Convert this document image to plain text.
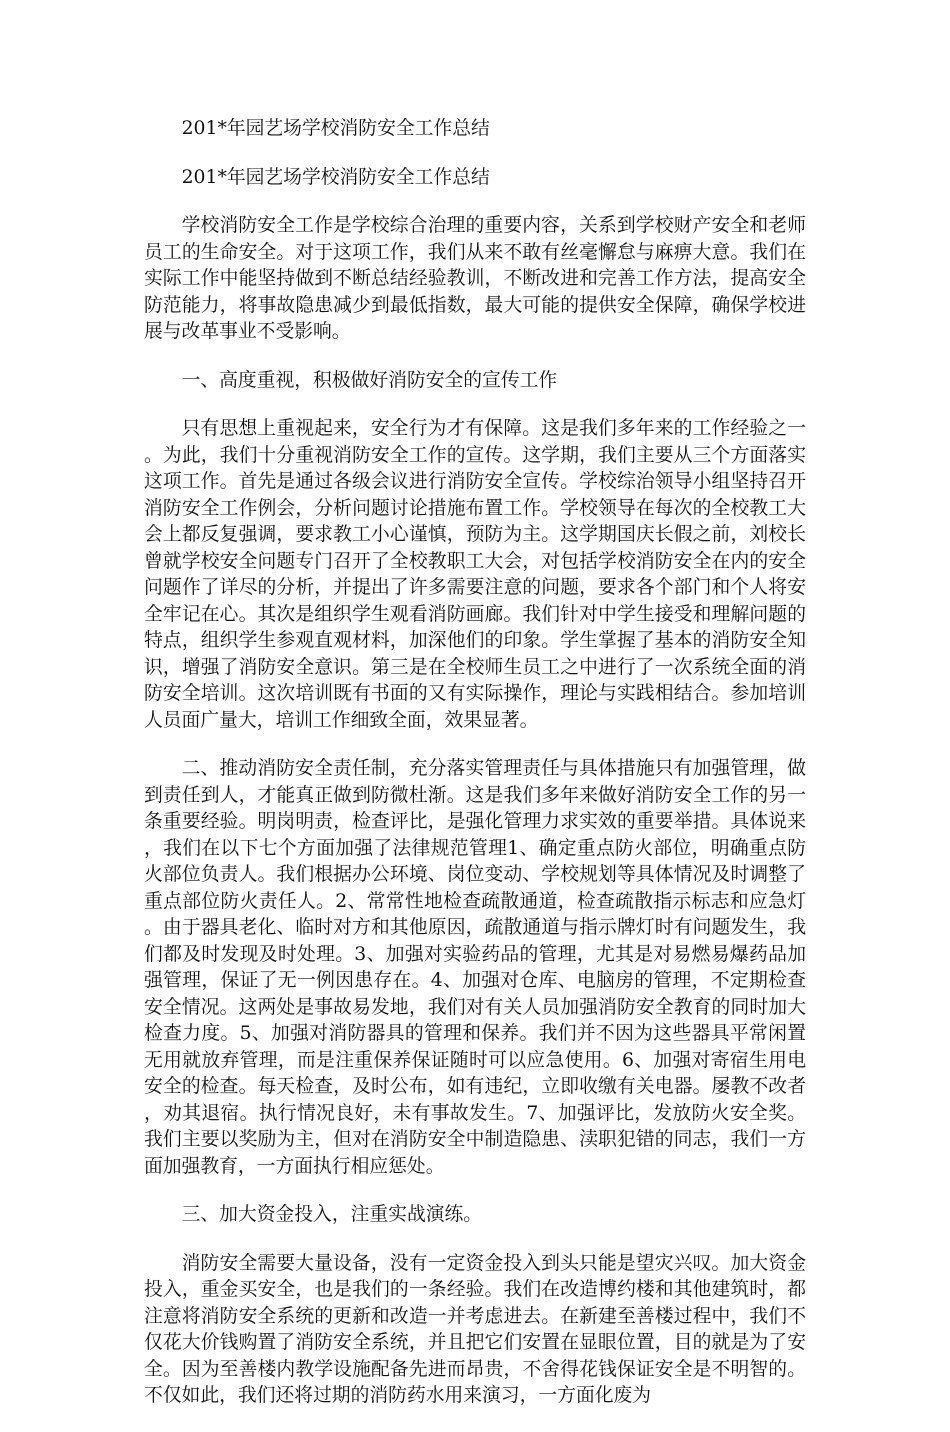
201*年园艺场学校消防安全工作总结
201*年园艺场学校消防安全工作总结

学校消防安全工作是学校综合治理的重要内容，关系到学校财产安全和老师员工的生命安全。对于这项工作，我们从来不敢有丝毫懈怠与麻痹大意。我们在实际工作中能坚持做到不断总结经验教训，不断改进和完善工作方法，提高安全防范能力，将事故隐患减少到最低指数，最大可能的提供安全保障，确保学校进展与改革事业不受影响。

一、高度重视，积极做好消防安全的宣传工作

只有思想上重视起来，安全行为才有保障。这是我们多年来的工作经验之一。为此，我们十分重视消防安全工作的宣传。这学期，我们主要从三个方面落实这项工作。首先是通过各级会议进行消防安全宣传。学校综治领导小组坚持召开消防安全工作例会，分析问题讨论措施布置工作。学校领导在每次的全校教工大会上都反复强调，要求教工小心谨慎，预防为主。这学期国庆长假之前，刘校长曾就学校安全问题专门召开了全校教职工大会，对包括学校消防安全在内的安全问题作了详尽的分析，并提出了许多需要注意的问题，要求各个部门和个人将安全牢记在心。其次是组织学生观看消防画廊。我们针对中学生接受和理解问题的特点，组织学生参观直观材料，加深他们的印象。学生掌握了基本的消防安全知识，增强了消防安全意识。第三是在全校师生员工之中进行了一次系统全面的消防安全培训。这次培训既有书面的又有实际操作，理论与实践相结合。参加培训人员面广量大，培训工作细致全面，效果显著。

二、推动消防安全责任制，充分落实管理责任与具体措施只有加强管理，做到责任到人，才能真正做到防微杜渐。这是我们多年来做好消防安全工作的另一条重要经验。明岗明责，检查评比，是强化管理力求实效的重要举措。具体说来，我们在以下七个方面加强了法律规范管理1、确定重点防火部位，明确重点防火部位负责人。我们根据办公环境、岗位变动、学校规划等具体情况及时调整了重点部位防火责任人。2、常常性地检查疏散通道，检查疏散指示标志和应急灯。由于器具老化、临时对方和其他原因，疏散通道与指示牌灯时有问题发生，我们都及时发现及时处理。3、加强对实验药品的管理，尤其是对易燃易爆药品加强管理，保证了无一例因患存在。4、加强对仓库、电脑房的管理，不定期检查安全情况。这两处是事故易发地，我们对有关人员加强消防安全教育的同时加大检查力度。5、加强对消防器具的管理和保养。我们并不因为这些器具平常闲置无用就放弃管理，而是注重保养保证随时可以应急使用。6、加强对寄宿生用电安全的检查。每天检查，及时公布，如有违纪，立即收缴有关电器。屡教不改者，劝其退宿。执行情况良好，未有事故发生。7、加强评比，发放防火安全奖。我们主要以奖励为主，但对在消防安全中制造隐患、渎职犯错的同志，我们一方面加强教育，一方面执行相应惩处。

三、加大资金投入，注重实战演练。

消防安全需要大量设备，没有一定资金投入到头只能是望灾兴叹。加大资金投入，重金买安全，也是我们的一条经验。我们在改造博约楼和其他建筑时，都注意将消防安全系统的更新和改造一并考虑进去。在新建至善楼过程中，我们不仅花大价钱购置了消防安全系统，并且把它们安置在显眼位置，目的就是为了安全。因为至善楼内教学设施配备先进而昂贵，不舍得花钱保证安全是不明智的。不仅如此，我们还将过期的消防药水用来演习，一方面化废为
